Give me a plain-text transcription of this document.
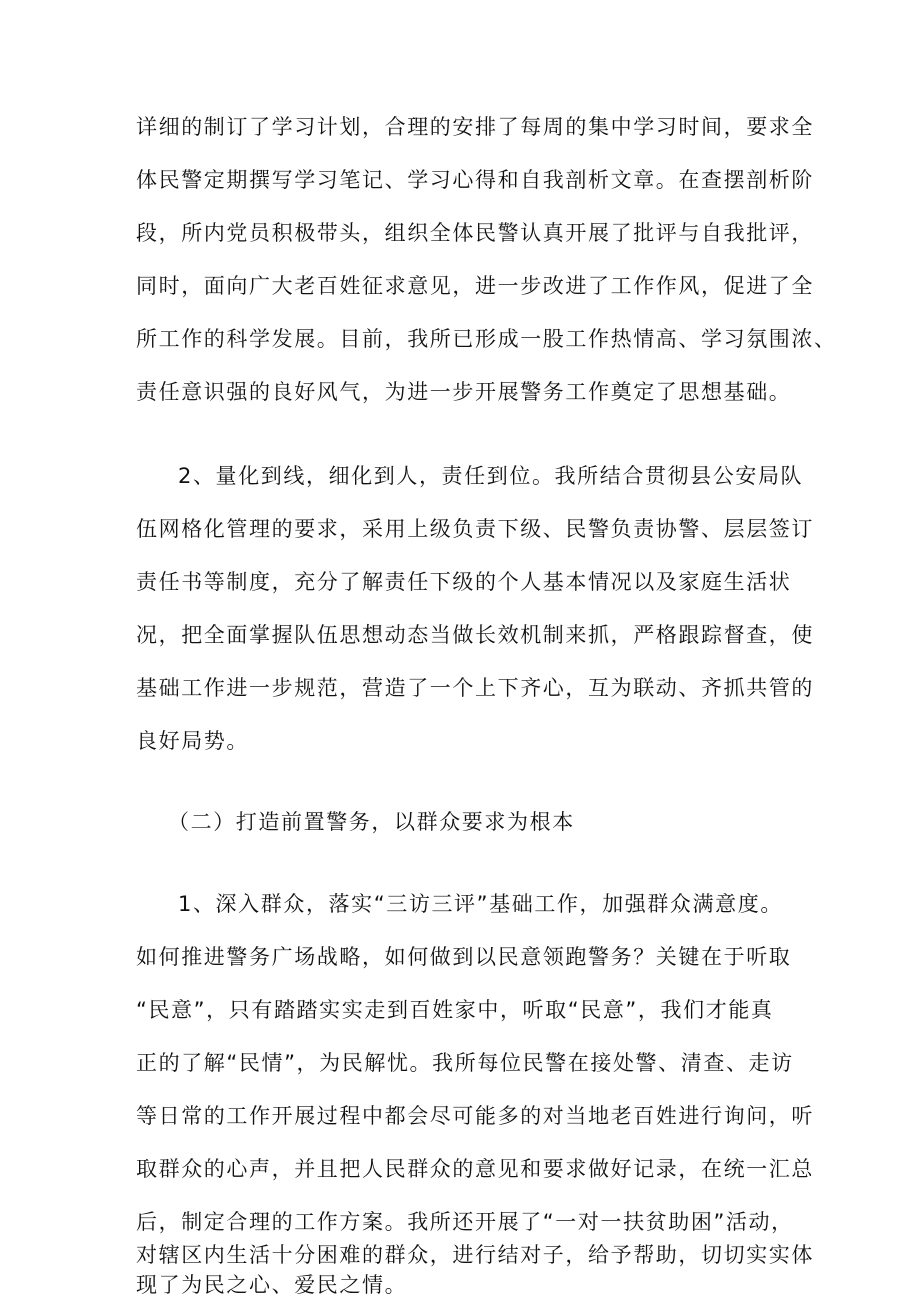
详细的制订了学习计划，合理的安排了每周的集中学习时间，要求全
体民警定期撰写学习笔记、学习心得和自我剖析文章。在查摆剖析阶
段，所内党员积极带头，组织全体民警认真开展了批评与自我批评，
同时，面向广大老百姓征求意见，进一步改进了工作作风，促进了全
所工作的科学发展。目前，我所已形成一股工作热情高、学习氛围浓、
责任意识强的良好风气，为进一步开展警务工作奠定了思想基础。
2、量化到线，细化到人，责任到位。我所结合贯彻县公安局队
伍网格化管理的要求，采用上级负责下级、民警负责协警、层层签订
责任书等制度，充分了解责任下级的个人基本情况以及家庭生活状
况，把全面掌握队伍思想动态当做长效机制来抓，严格跟踪督查，使
基础工作进一步规范，营造了一个上下齐心，互为联动、齐抓共管的
良好局势。
（二）打造前置警务，以群众要求为根本
1、深入群众，落实“三访三评”基础工作，加强群众满意度。
如何推进警务广场战略，如何做到以民意领跑警务？关键在于听取
“民意”，只有踏踏实实走到百姓家中，听取“民意”，我们才能真
正的了解“民情”，为民解忧。我所每位民警在接处警、清查、走访
等日常的工作开展过程中都会尽可能多的对当地老百姓进行询问，听
取群众的心声，并且把人民群众的意见和要求做好记录，在统一汇总
后，制定合理的工作方案。我所还开展了“一对一扶贫助困”活动，
对辖区内生活十分困难的群众，进行结对子，给予帮助，切切实实体
现了为民之心、爱民之情。
